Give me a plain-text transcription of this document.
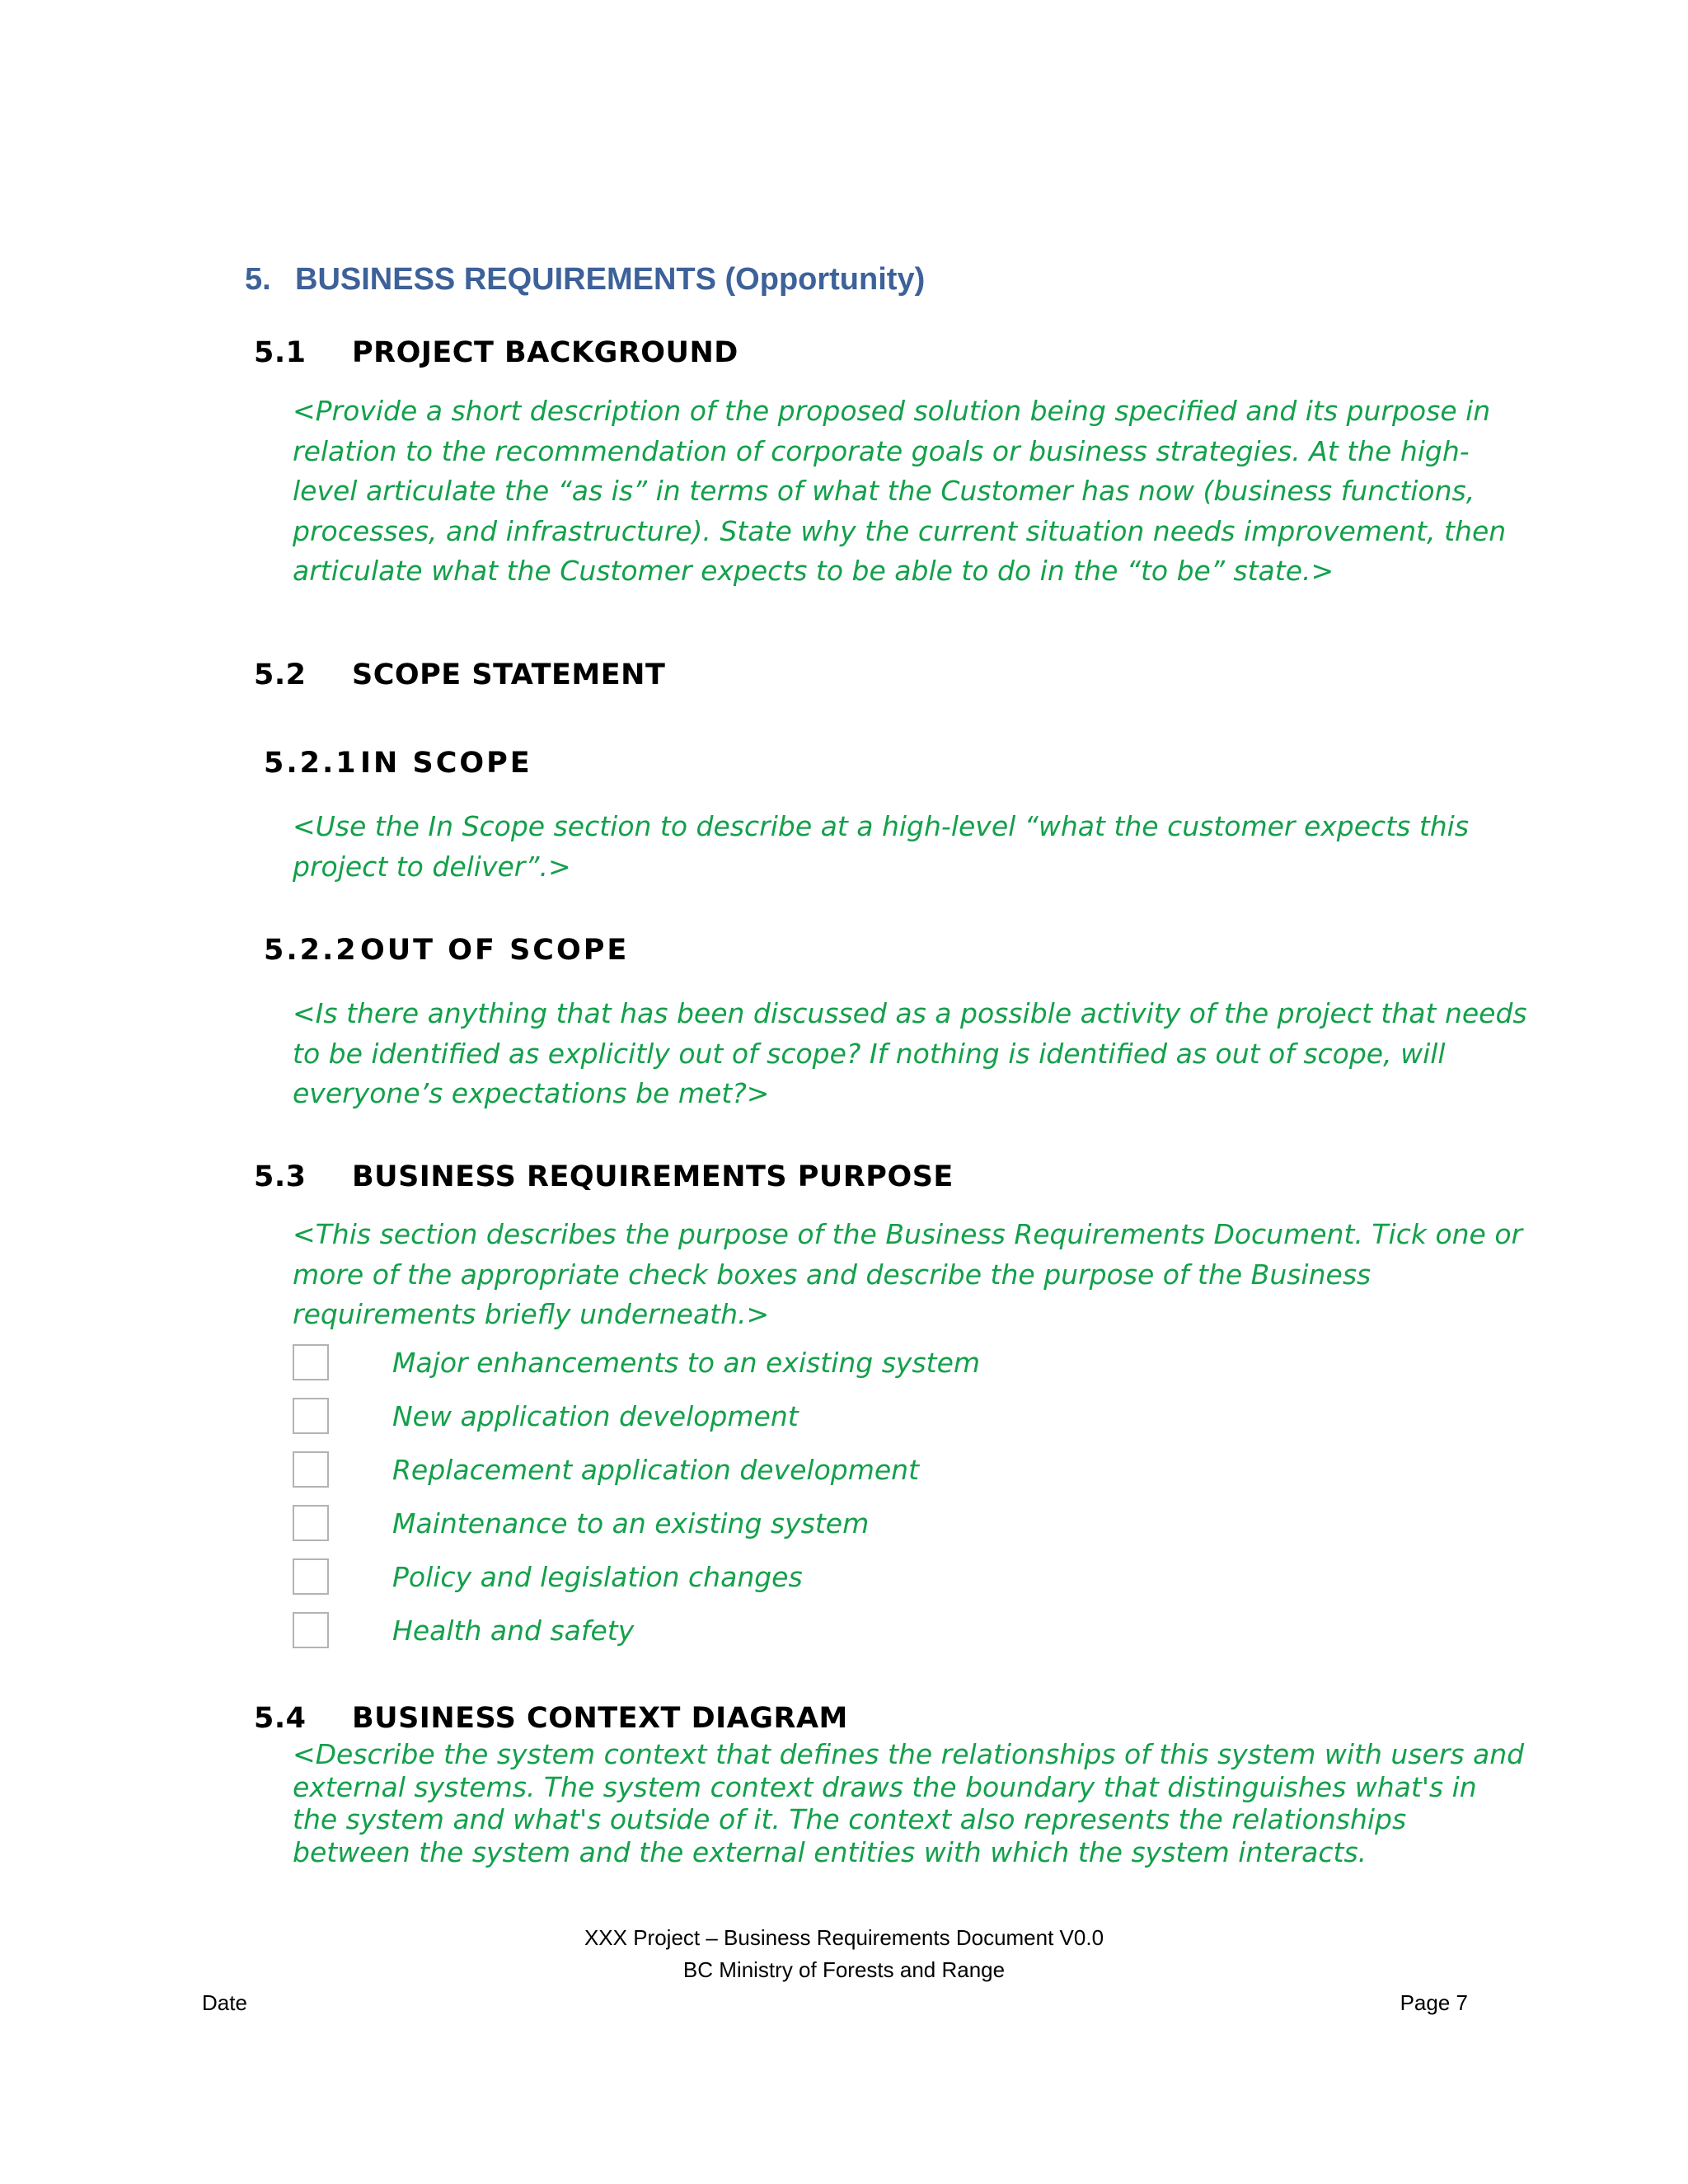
5. BUSINESS REQUIREMENTS (Opportunity)
5.1 PROJECT BACKGROUND
<Provide a short description of the proposed solution being specified and its purpose in
relation to the recommendation of corporate goals or business strategies. At the high-
level articulate the “as is” in terms of what the Customer has now (business functions,
processes, and infrastructure). State why the current situation needs improvement, then
articulate what the Customer expects to be able to do in the “to be” state.>
5.2 SCOPE STATEMENT
5.2.1 IN SCOPE
<Use the In Scope section to describe at a high-level “what the customer expects this
project to deliver”.>
5.2.2 OUT OF SCOPE
<Is there anything that has been discussed as a possible activity of the project that needs
to be identified as explicitly out of scope? If nothing is identified as out of scope, will
everyone’s expectations be met?>
5.3 BUSINESS REQUIREMENTS PURPOSE
<This section describes the purpose of the Business Requirements Document. Tick one or
more of the appropriate check boxes and describe the purpose of the Business
requirements briefly underneath.>
Major enhancements to an existing system
New application development
Replacement application development
Maintenance to an existing system
Policy and legislation changes
Health and safety
5.4 BUSINESS CONTEXT DIAGRAM
<Describe the system context that defines the relationships of this system with users and
external systems. The system context draws the boundary that distinguishes what's in
the system and what's outside of it. The context also represents the relationships
between the system and the external entities with which the system interacts.
XXX Project – Business Requirements Document V0.0
BC Ministry of Forests and Range
Date	Page 7
